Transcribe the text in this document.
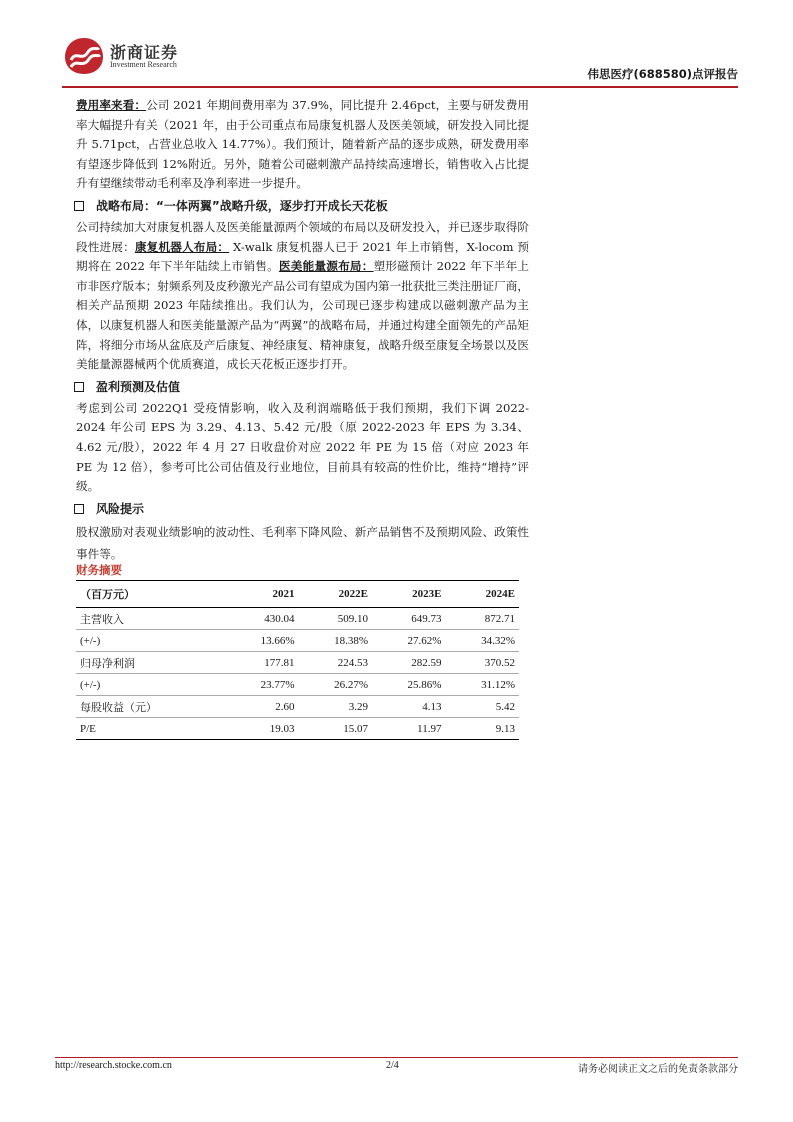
浙商证券
Investment Research
伟思医疗(688580)点评报告

费用率来看：公司 2021 年期间费用率为 37.9%，同比提升 2.46pct，主要与研发费用率大幅提升有关（2021 年，由于公司重点布局康复机器人及医美领域，研发投入同比提升 5.71pct，占营业总收入 14.77%）。我们预计，随着新产品的逐步成熟，研发费用率有望逐步降低到 12%附近。另外，随着公司磁刺激产品持续高速增长，销售收入占比提升有望继续带动毛利率及净利率进一步提升。

战略布局：“一体两翼”战略升级，逐步打开成长天花板

公司持续加大对康复机器人及医美能量源两个领域的布局以及研发投入，并已逐步取得阶段性进展：康复机器人布局： X-walk 康复机器人已于 2021 年上市销售，X-locom 预期将在 2022 年下半年陆续上市销售。医美能量源布局：塑形磁预计 2022 年下半年上市非医疗版本；射频系列及皮秒激光产品公司有望成为国内第一批获批三类注册证厂商，相关产品预期 2023 年陆续推出。我们认为，公司现已逐步构建成以磁刺激产品为主体，以康复机器人和医美能量源产品为“两翼”的战略布局，并通过构建全面领先的产品矩阵，将细分市场从盆底及产后康复、神经康复、精神康复，战略升级至康复全场景以及医美能量源器械两个优质赛道，成长天花板正逐步打开。

盈利预测及估值

考虑到公司 2022Q1 受疫情影响，收入及利润端略低于我们预期，我们下调 2022-2024 年公司 EPS 为 3.29、4.13、5.42 元/股（原 2022-2023 年 EPS 为 3.34、4.62 元/股），2022 年 4 月 27 日收盘价对应 2022 年 PE 为 15 倍（对应 2023 年 PE 为 12 倍），参考可比公司估值及行业地位，目前具有较高的性价比，维持“增持”评级。

风险提示

股权激励对表观业绩影响的波动性、毛利率下降风险、新产品销售不及预期风险、政策性事件等。

财务摘要
（百万元）	2021	2022E	2023E	2024E
主营收入	430.04	509.10	649.73	872.71
(+/-)	13.66%	18.38%	27.62%	34.32%
归母净利润	177.81	224.53	282.59	370.52
(+/-)	23.77%	26.27%	25.86%	31.12%
每股收益（元）	2.60	3.29	4.13	5.42
P/E	19.03	15.07	11.97	9.13
http://research.stocke.com.cn	2/4	请务必阅读正文之后的免责条款部分
